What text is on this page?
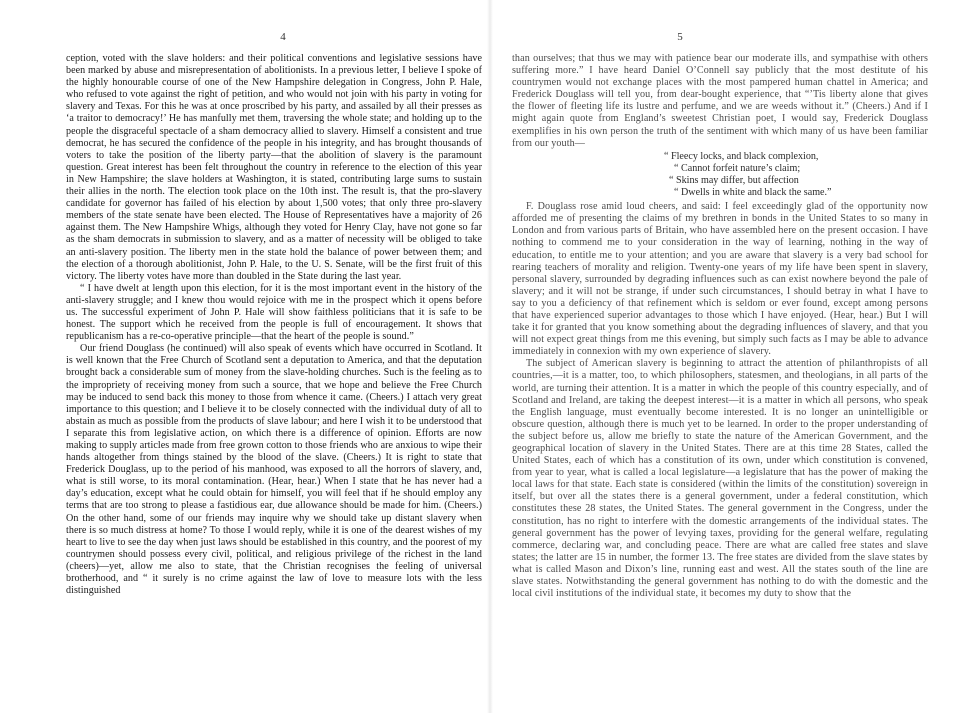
4

ception, voted with the slave holders: and their political conventions and legislative sessions have been marked by abuse and misrepresentation of abolitionists. In a previous letter, I believe I spoke of the highly honourable course of one of the New Hampshire delegation in Congress, John P. Hale, who refused to vote against the right of petition, and who would not join with his party in voting for slavery and Texas. For this he was at once proscribed by his party, and assailed by all their presses as ‘a traitor to democracy!’ He has manfully met them, traversing the whole state; and holding up to the people the disgraceful spectacle of a sham democracy allied to slavery. Himself a consistent and true democrat, he has secured the confidence of the people in his integrity, and has brought thousands of voters to take the position of the liberty party—that the abolition of slavery is the paramount question. Great interest has been felt throughout the country in reference to the election of this year in New Hampshire; the slave holders at Washington, it is stated, contributing large sums to sustain their allies in the north. The election took place on the 10th inst. The result is, that the pro-slavery candidate for governor has failed of his election by about 1,500 votes; that only three pro-slavery members of the state senate have been elected. The House of Representatives have a majority of 26 against them. The New Hampshire Whigs, although they voted for Henry Clay, have not gone so far as the sham democrats in submission to slavery, and as a matter of necessity will be obliged to take an anti-slavery position. The liberty men in the state hold the balance of power between them; and the election of a thorough abolitionist, John P. Hale, to the U. S. Senate, will be the first fruit of this victory. The liberty votes have more than doubled in the State during the last year.

“ I have dwelt at length upon this election, for it is the most important event in the history of the anti-slavery struggle; and I knew thou would rejoice with me in the prospect which it opens before us. The successful experiment of John P. Hale will show faithless politicians that it is safe to be honest. The support which he received from the people is full of encouragement. It shows that republicanism has a re-co-operative principle—that the heart of the people is sound.”

Our friend Douglass (he continued) will also speak of events which have occurred in Scotland. It is well known that the Free Church of Scotland sent a deputation to America, and that the deputation brought back a considerable sum of money from the slave-holding churches. Such is the feeling as to the impropriety of receiving money from such a source, that we hope and believe the Free Church may be induced to send back this money to those from whence it came. (Cheers.) I attach very great importance to this question; and I believe it to be closely connected with the individual duty of all to abstain as much as possible from the products of slave labour; and here I wish it to be understood that I separate this from legislative action, on which there is a difference of opinion. Efforts are now making to supply articles made from free grown cotton to those friends who are anxious to wipe their hands altogether from things stained by the blood of the slave. (Cheers.) It is right to state that Frederick Douglass, up to the period of his manhood, was exposed to all the horrors of slavery, and, what is still worse, to its moral contamination. (Hear, hear.) When I state that he has never had a day’s education, except what he could obtain for himself, you will feel that if he should employ any terms that are too strong to please a fastidious ear, due allowance should be made for him. (Cheers.) On the other hand, some of our friends may inquire why we should take up distant slavery when there is so much distress at home? To those I would reply, while it is one of the dearest wishes of my heart to live to see the day when just laws should be established in this country, and the poorest of my countrymen should possess every civil, political, and religious privilege of the richest in the land (cheers)—yet, allow me also to state, that the Christian recognises the feeling of universal brotherhood, and “ it surely is no crime against the law of love to measure lots with the less distinguished

5

than ourselves; that thus we may with patience bear our moderate ills, and sympathise with others suffering more.” I have heard Daniel O’Connell say publicly that the most destitute of his countrymen would not exchange places with the most pampered human chattel in America; and Frederick Douglass will tell you, from dear-bought experience, that “’Tis liberty alone that gives the flower of fleeting life its lustre and perfume, and we are weeds without it.” (Cheers.) And if I might again quote from England’s sweetest Christian poet, I would say, Frederick Douglass exemplifies in his own person the truth of the sentiment with which many of us have been familiar from our youth—

“ Fleecy locks, and black complexion,
“ Cannot forfeit nature’s claim;
“ Skins may differ, but affection
“ Dwells in white and black the same.”

F. Douglass rose amid loud cheers, and said: I feel exceedingly glad of the opportunity now afforded me of presenting the claims of my brethren in bonds in the United States to so many in London and from various parts of Britain, who have assembled here on the present occasion. I have nothing to commend me to your consideration in the way of learning, nothing in the way of education, to entitle me to your attention; and you are aware that slavery is a very bad school for rearing teachers of morality and religion. Twenty-one years of my life have been spent in slavery, personal slavery, surrounded by degrading influences such as can exist nowhere beyond the pale of slavery; and it will not be strange, if under such circumstances, I should betray in what I have to say to you a deficiency of that refinement which is seldom or ever found, except among persons that have experienced superior advantages to those which I have enjoyed. (Hear, hear.) But I will take it for granted that you know something about the degrading influences of slavery, and that you will not expect great things from me this evening, but simply such facts as I may be able to advance immediately in connexion with my own experience of slavery.

The subject of American slavery is beginning to attract the attention of philanthropists of all countries,—it is a matter, too, to which philosophers, statesmen, and theologians, in all parts of the world, are turning their attention. It is a matter in which the people of this country especially, and of Scotland and Ireland, are taking the deepest interest—it is a matter in which all persons, who speak the English language, must eventually become interested. It is no longer an unintelligible or obscure question, although there is much yet to be learned. In order to the proper understanding of the subject before us, allow me briefly to state the nature of the American Government, and the geographical location of slavery in the United States. There are at this time 28 States, called the United States, each of which has a constitution of its own, under which constitution is convened, from year to year, what is called a local legislature—a legislature that has the power of making the local laws for that state. Each state is considered (within the limits of the constitution) sovereign in itself, but over all the states there is a general government, under a federal constitution, which constitutes these 28 states, the United States. The general government in the Congress, under the constitution, has no right to interfere with the domestic arrangements of the individual states. The general government has the power of levying taxes, providing for the general welfare, regulating commerce, declaring war, and concluding peace. There are what are called free states and slave states; the latter are 15 in number, the former 13. The free states are divided from the slave states by what is called Mason and Dixon’s line, running east and west. All the states south of the line are slave states. Notwithstanding the general government has nothing to do with the domestic and the local civil institutions of the individual state, it becomes my duty to show that the
